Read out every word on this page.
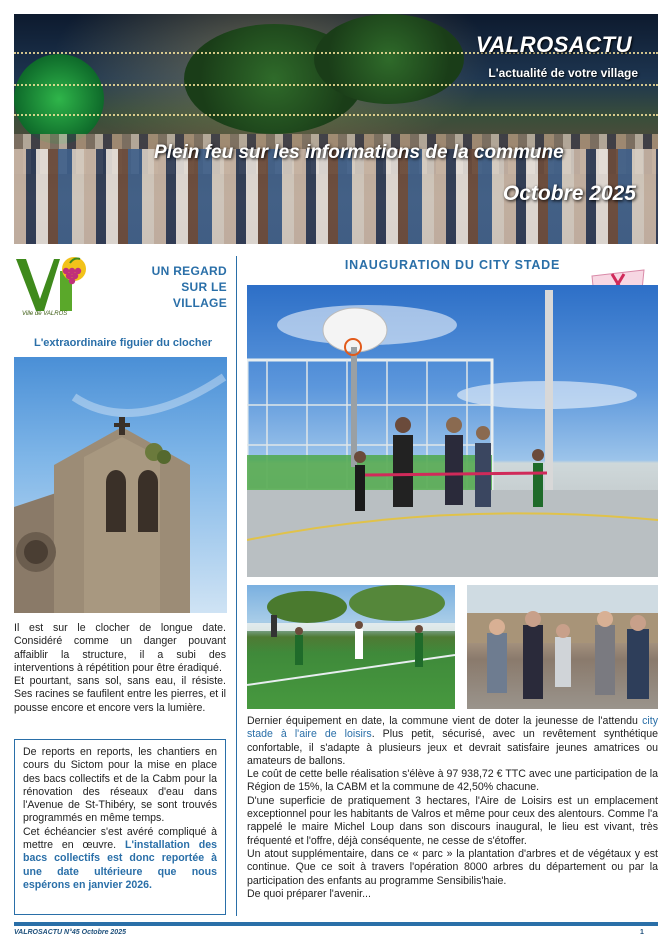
VALROSACTU
L'actualité de votre village
Plein feu sur les informations de la commune
Octobre 2025
Ville de VALROS
UN REGARD
SUR LE
VILLAGE
L'extraordinaire figuier du clocher
Il est sur le clocher de longue date. Considéré comme un danger pouvant affaiblir la structure, il a subi des interventions à répétition pour être éradiqué.
Et pourtant, sans sol, sans eau, il résiste. Ses racines se faufilent entre les pierres, et il pousse encore et encore vers la lumière.
De reports en reports, les chantiers en cours du Sictom pour la mise en place des bacs collectifs et de la Cabm pour la rénovation des réseaux d'eau dans l'Avenue de St-Thibéry, se sont trouvés programmés en même temps.
Cet échéancier s'est avéré compliqué à mettre en œuvre. L'installation des bacs collectifs est donc reportée à une date ultérieure que nous espérons en janvier 2026.
INAUGURATION DU CITY STADE
Dernier équipement en date, la commune vient de doter la jeunesse de l'attendu city stade à l'aire de loisirs. Plus petit, sécurisé, avec un revêtement synthétique confortable, il s'adapte à plusieurs jeux et devrait satisfaire jeunes amatrices ou amateurs de ballons.
Le coût de cette belle réalisation s'élève à 97 938,72 € TTC avec une participation de la Région de 15%, la CABM et la commune de 42,50% chacune.
D'une superficie de pratiquement 3 hectares, l'Aire de Loisirs est un emplacement exceptionnel pour les habitants de Valros et même pour ceux des alentours. Comme l'a rappelé le maire Michel Loup dans son discours inaugural, le lieu est vivant, très fréquenté et l'offre, déjà conséquente, ne cesse de s'étoffer.
Un atout supplémentaire, dans ce « parc » la plantation d'arbres et de végétaux y est continue. Que ce soit à travers l'opération 8000 arbres du département ou par la participation des enfants au programme Sensibilis'haie.
De quoi préparer l'avenir...
VALROSACTU N°45 Octobre 2025	1
